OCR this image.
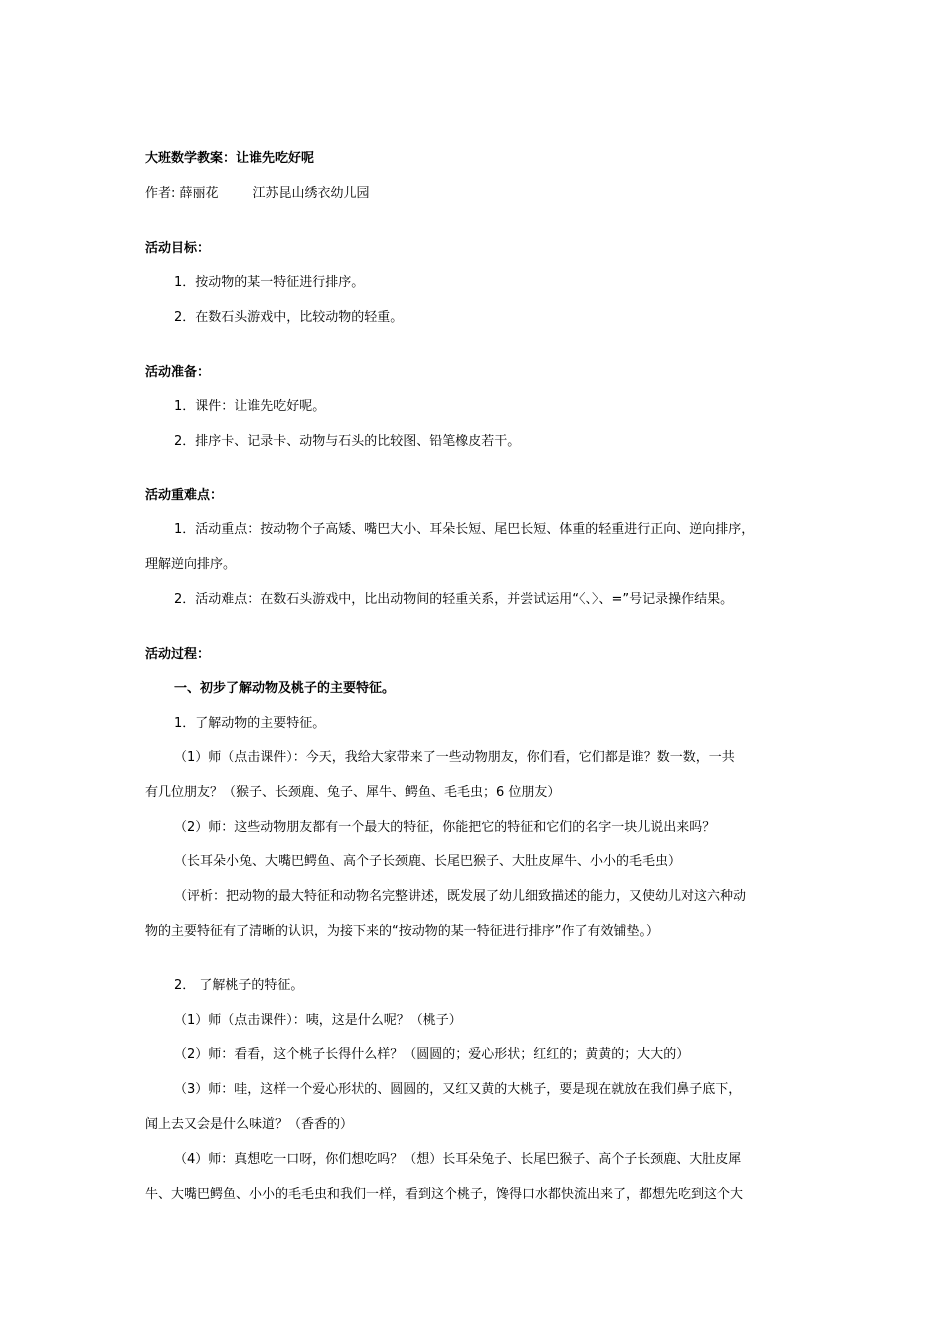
大班数学教案：让谁先吃好呢
作者: 薛丽花	江苏昆山绣衣幼儿园
活动目标：
1．按动物的某一特征进行排序。
2．在数石头游戏中，比较动物的轻重。
活动准备：
1．课件：让谁先吃好呢。
2．排序卡、记录卡、动物与石头的比较图、铅笔橡皮若干。
活动重难点：
1．活动重点：按动物个子高矮、嘴巴大小、耳朵长短、尾巴长短、体重的轻重进行正向、逆向排序，
理解逆向排序。
2．活动难点：在数石头游戏中，比出动物间的轻重关系，并尝试运用“〈、〉、=”号记录操作结果。
活动过程：
一、初步了解动物及桃子的主要特征。
1．了解动物的主要特征。
（1）师（点击课件）：今天，我给大家带来了一些动物朋友，你们看，它们都是谁？数一数，一共
有几位朋友？（猴子、长颈鹿、兔子、犀牛、鳄鱼、毛毛虫；6 位朋友）
（2）师：这些动物朋友都有一个最大的特征，你能把它的特征和它们的名字一块儿说出来吗？
（长耳朵小兔、大嘴巴鳄鱼、高个子长颈鹿、长尾巴猴子、大肚皮犀牛、小小的毛毛虫）
（评析：把动物的最大特征和动物名完整讲述，既发展了幼儿细致描述的能力，又使幼儿对这六种动
物的主要特征有了清晰的认识，为接下来的“按动物的某一特征进行排序”作了有效铺垫。）
2． 了解桃子的特征。
（1）师（点击课件）：咦，这是什么呢？（桃子）
（2）师：看看，这个桃子长得什么样？（圆圆的；爱心形状；红红的；黄黄的；大大的）
（3）师：哇，这样一个爱心形状的、圆圆的，又红又黄的大桃子，要是现在就放在我们鼻子底下，
闻上去又会是什么味道？（香香的）
（4）师：真想吃一口呀，你们想吃吗？（想）长耳朵兔子、长尾巴猴子、高个子长颈鹿、大肚皮犀
牛、大嘴巴鳄鱼、小小的毛毛虫和我们一样，看到这个桃子，馋得口水都快流出来了，都想先吃到这个大
